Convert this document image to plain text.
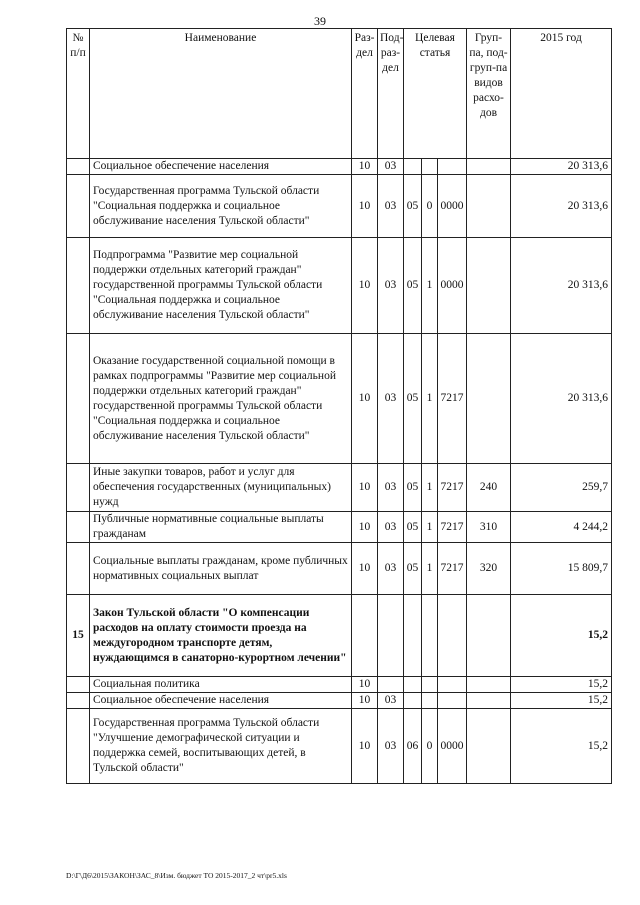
39
№ п/п	Наименование	Раз-дел	Под-раз-дел	Целевая статья			Груп-па, под-груп-па видов расхо-дов	2015 год
	Социальное обеспечение населения	10	03					20 313,6
	Государственная программа Тульской области "Социальная поддержка и социальное обслуживание населения Тульской области"	10	03	05	0	0000		20 313,6
	Подпрограмма "Развитие мер социальной поддержки отдельных категорий граждан" государственной программы Тульской области "Социальная поддержка и социальное обслуживание населения Тульской области"	10	03	05	1	0000		20 313,6
	Оказание государственной социальной помощи в рамках подпрограммы "Развитие мер социальной поддержки отдельных категорий граждан" государственной программы Тульской области "Социальная поддержка и социальное обслуживание населения Тульской области"	10	03	05	1	7217		20 313,6
	Иные закупки товаров, работ и услуг для обеспечения государственных (муниципальных) нужд	10	03	05	1	7217	240	259,7
	Публичные нормативные социальные выплаты гражданам	10	03	05	1	7217	310	4 244,2
	Социальные выплаты гражданам, кроме публичных нормативных социальных выплат	10	03	05	1	7217	320	15 809,7
15	Закон Тульской области "О компенсации расходов на оплату стоимости проезда на междугородном транспорте детям, нуждающимся в санаторно-курортном лечении"							15,2
	Социальная политика	10						15,2
	Социальное обеспечение населения	10	03					15,2
	Государственная программа Тульской области "Улучшение демографической ситуации и поддержка семей, воспитывающих детей, в Тульской области"	10	03	06	0	0000		15,2
D:\Г\Д6\2015\ЗАКОН\ЗАС_8\Изм. бюджет ТО 2015-2017_2 чт\pr5.xls
